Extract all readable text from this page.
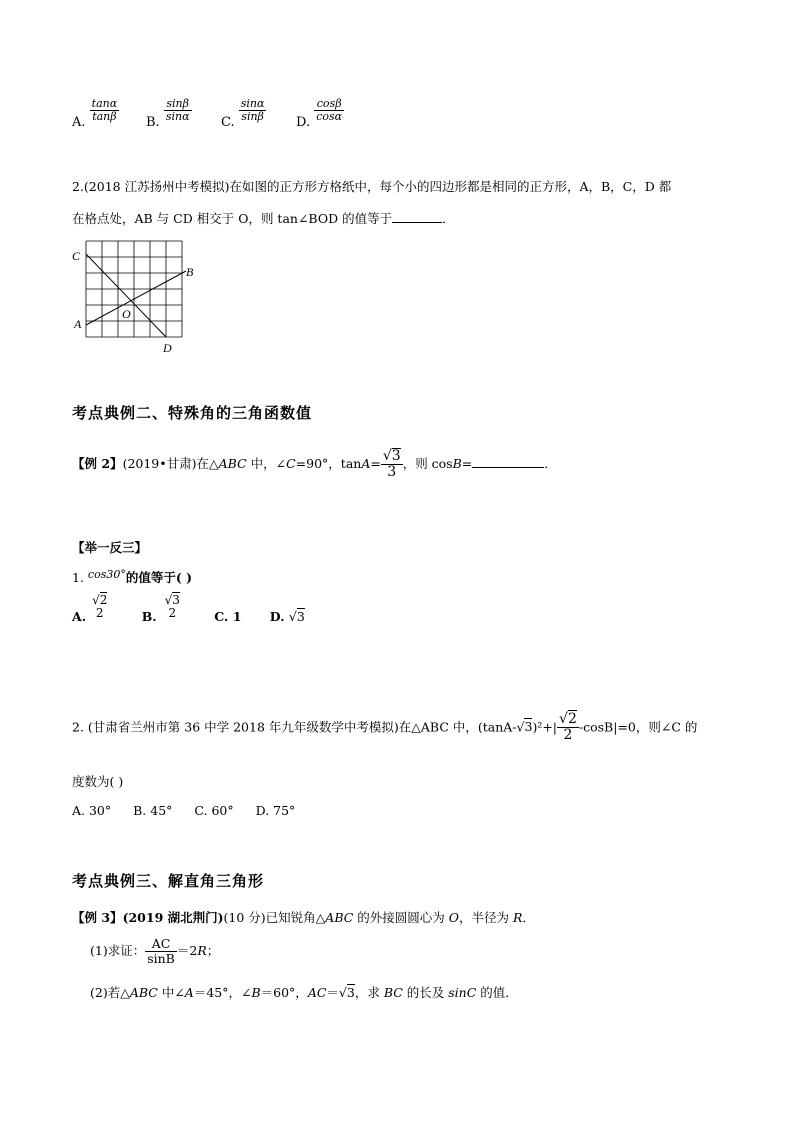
A. $\frac{\tan\alpha}{\tan\beta} B$. $\frac{\sin\beta}{\sin\alpha} C$. $\frac{\sin\alpha}{\sin\beta} D$. $\frac{\cos\beta}{\cos\alpha}$
2.(2018 江苏扬州中考模拟)在如图的正方形方格纸中，每个小的四边形都是相同的正方形，A，B，C，D 都
在格点处，AB 与 CD 相交于 O，则 tan∠BOD 的值等于	．
C
B
A
O
D
考点典例二、特殊角的三角函数值
【例 2】(2019•甘肃)在△ABC 中，∠C=90°，$\tan A= \frac{√3}{3}$ ，则 cosB=	．
【举一反三】
1. cos30°的值等于( )
A.
√2
2	B.
√3
2	C. 1 D. √3
2. (甘肃省兰州市第 36 中学 2018 年九年级数学中考模拟)在△ABC 中，$(\tan A-√3)^2+| \frac{√2}{2} -\cos B|=0$，则∠C 的
度数为( )
A. 30° B. 45° C. 60° D. 75°
考点典例三、解直角三角形
【例 3】(2019 湖北荆门)(10 分)已知锐角△ABC 的外接圆圆心为 O，半径为 R．
(1)求证： $\frac{AC}{\sin B} =2R$；
(2)若△ABC 中∠A＝45°，∠B＝60°，AC＝√3，求 BC 的长及 sinC 的值．
